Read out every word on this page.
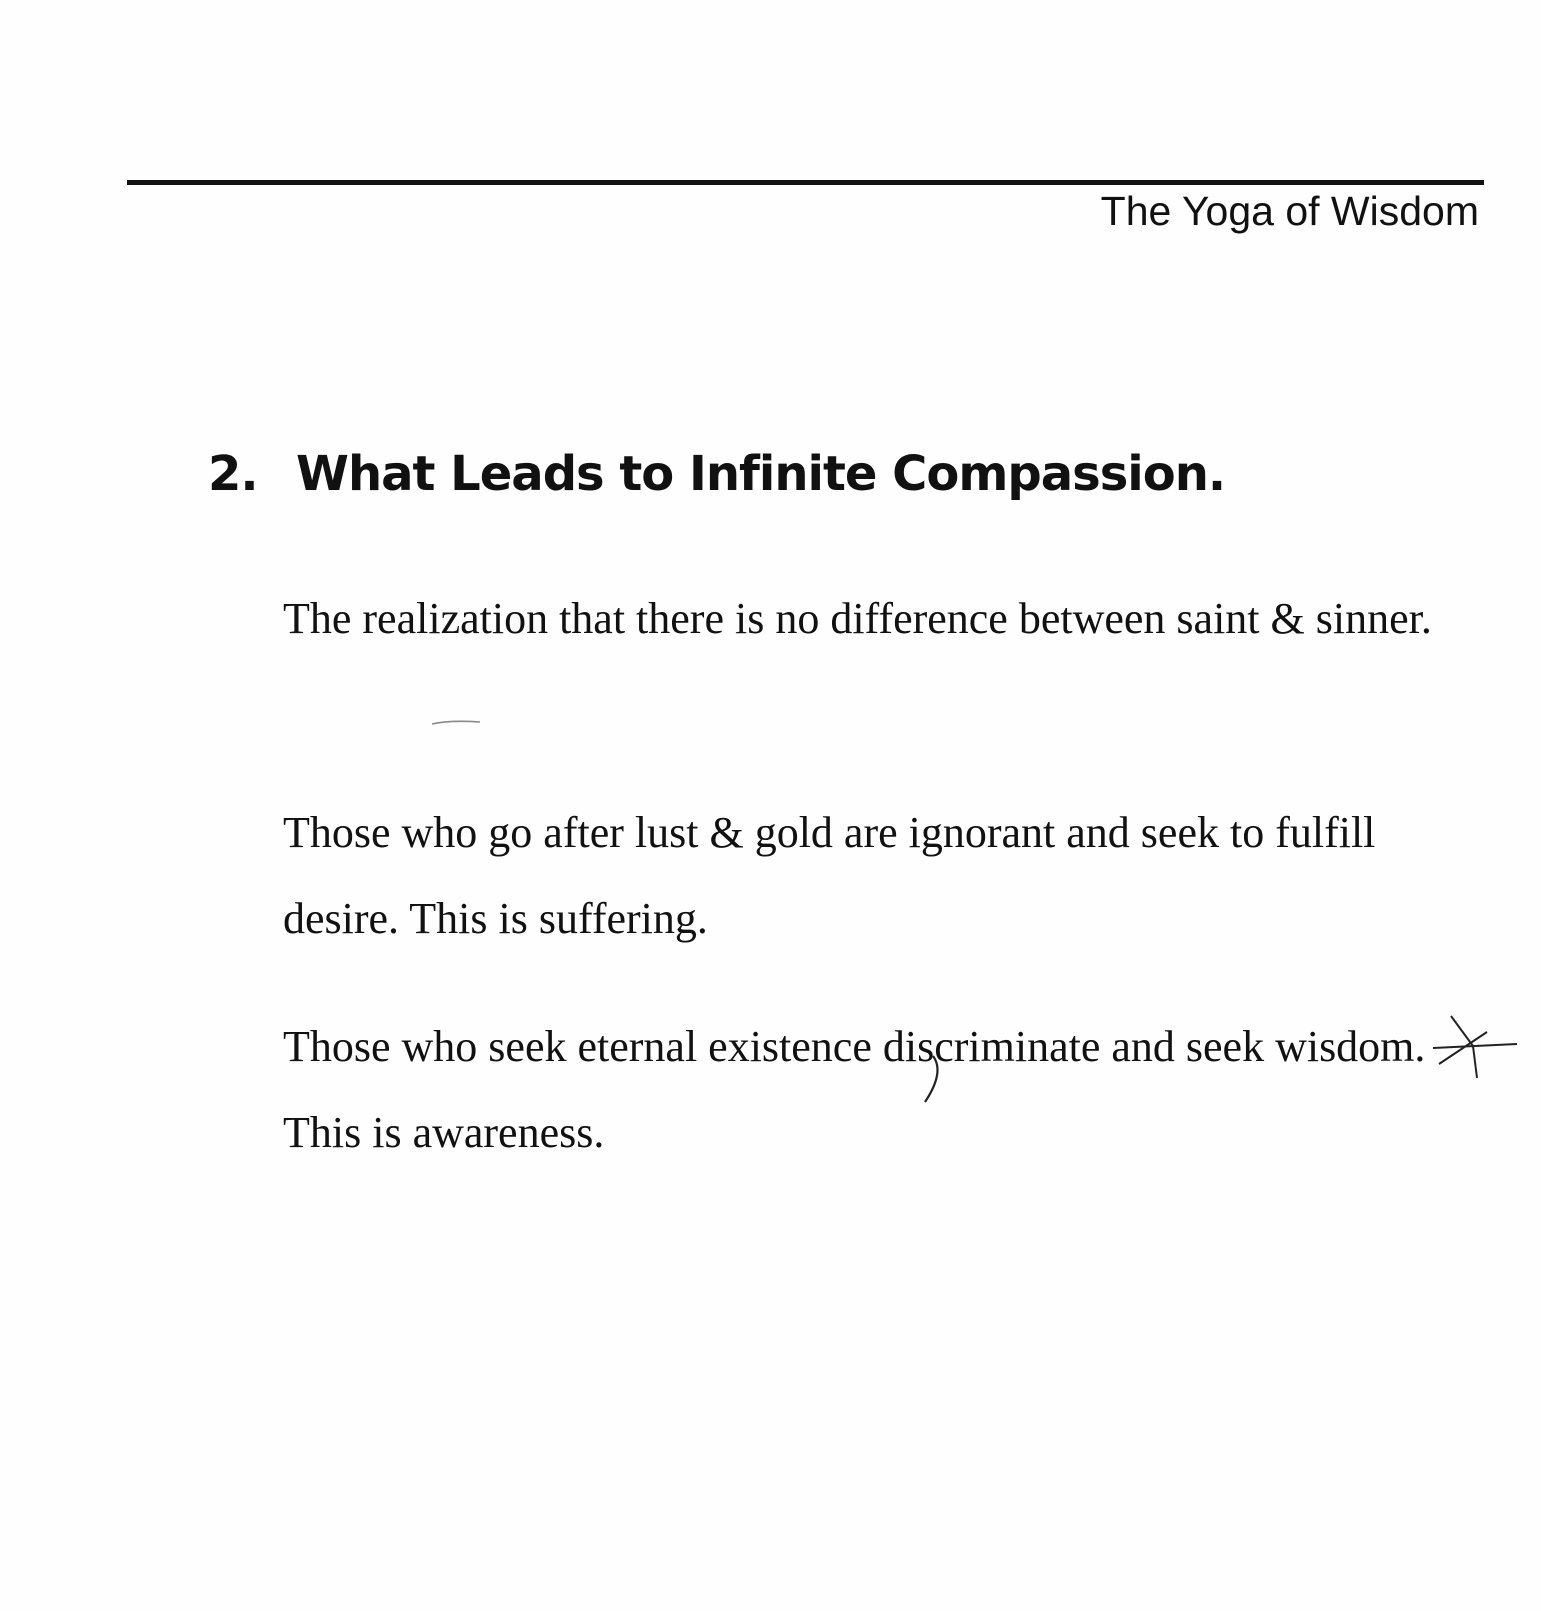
The Yoga of Wisdom
2. What Leads to Infinite Compassion.

The realization that there is no difference between saint & sinner.

Those who go after lust & gold are ignorant and seek to fulfill desire. This is suffering.

Those who seek eternal existence discriminate and seek wisdom. This is awareness.
